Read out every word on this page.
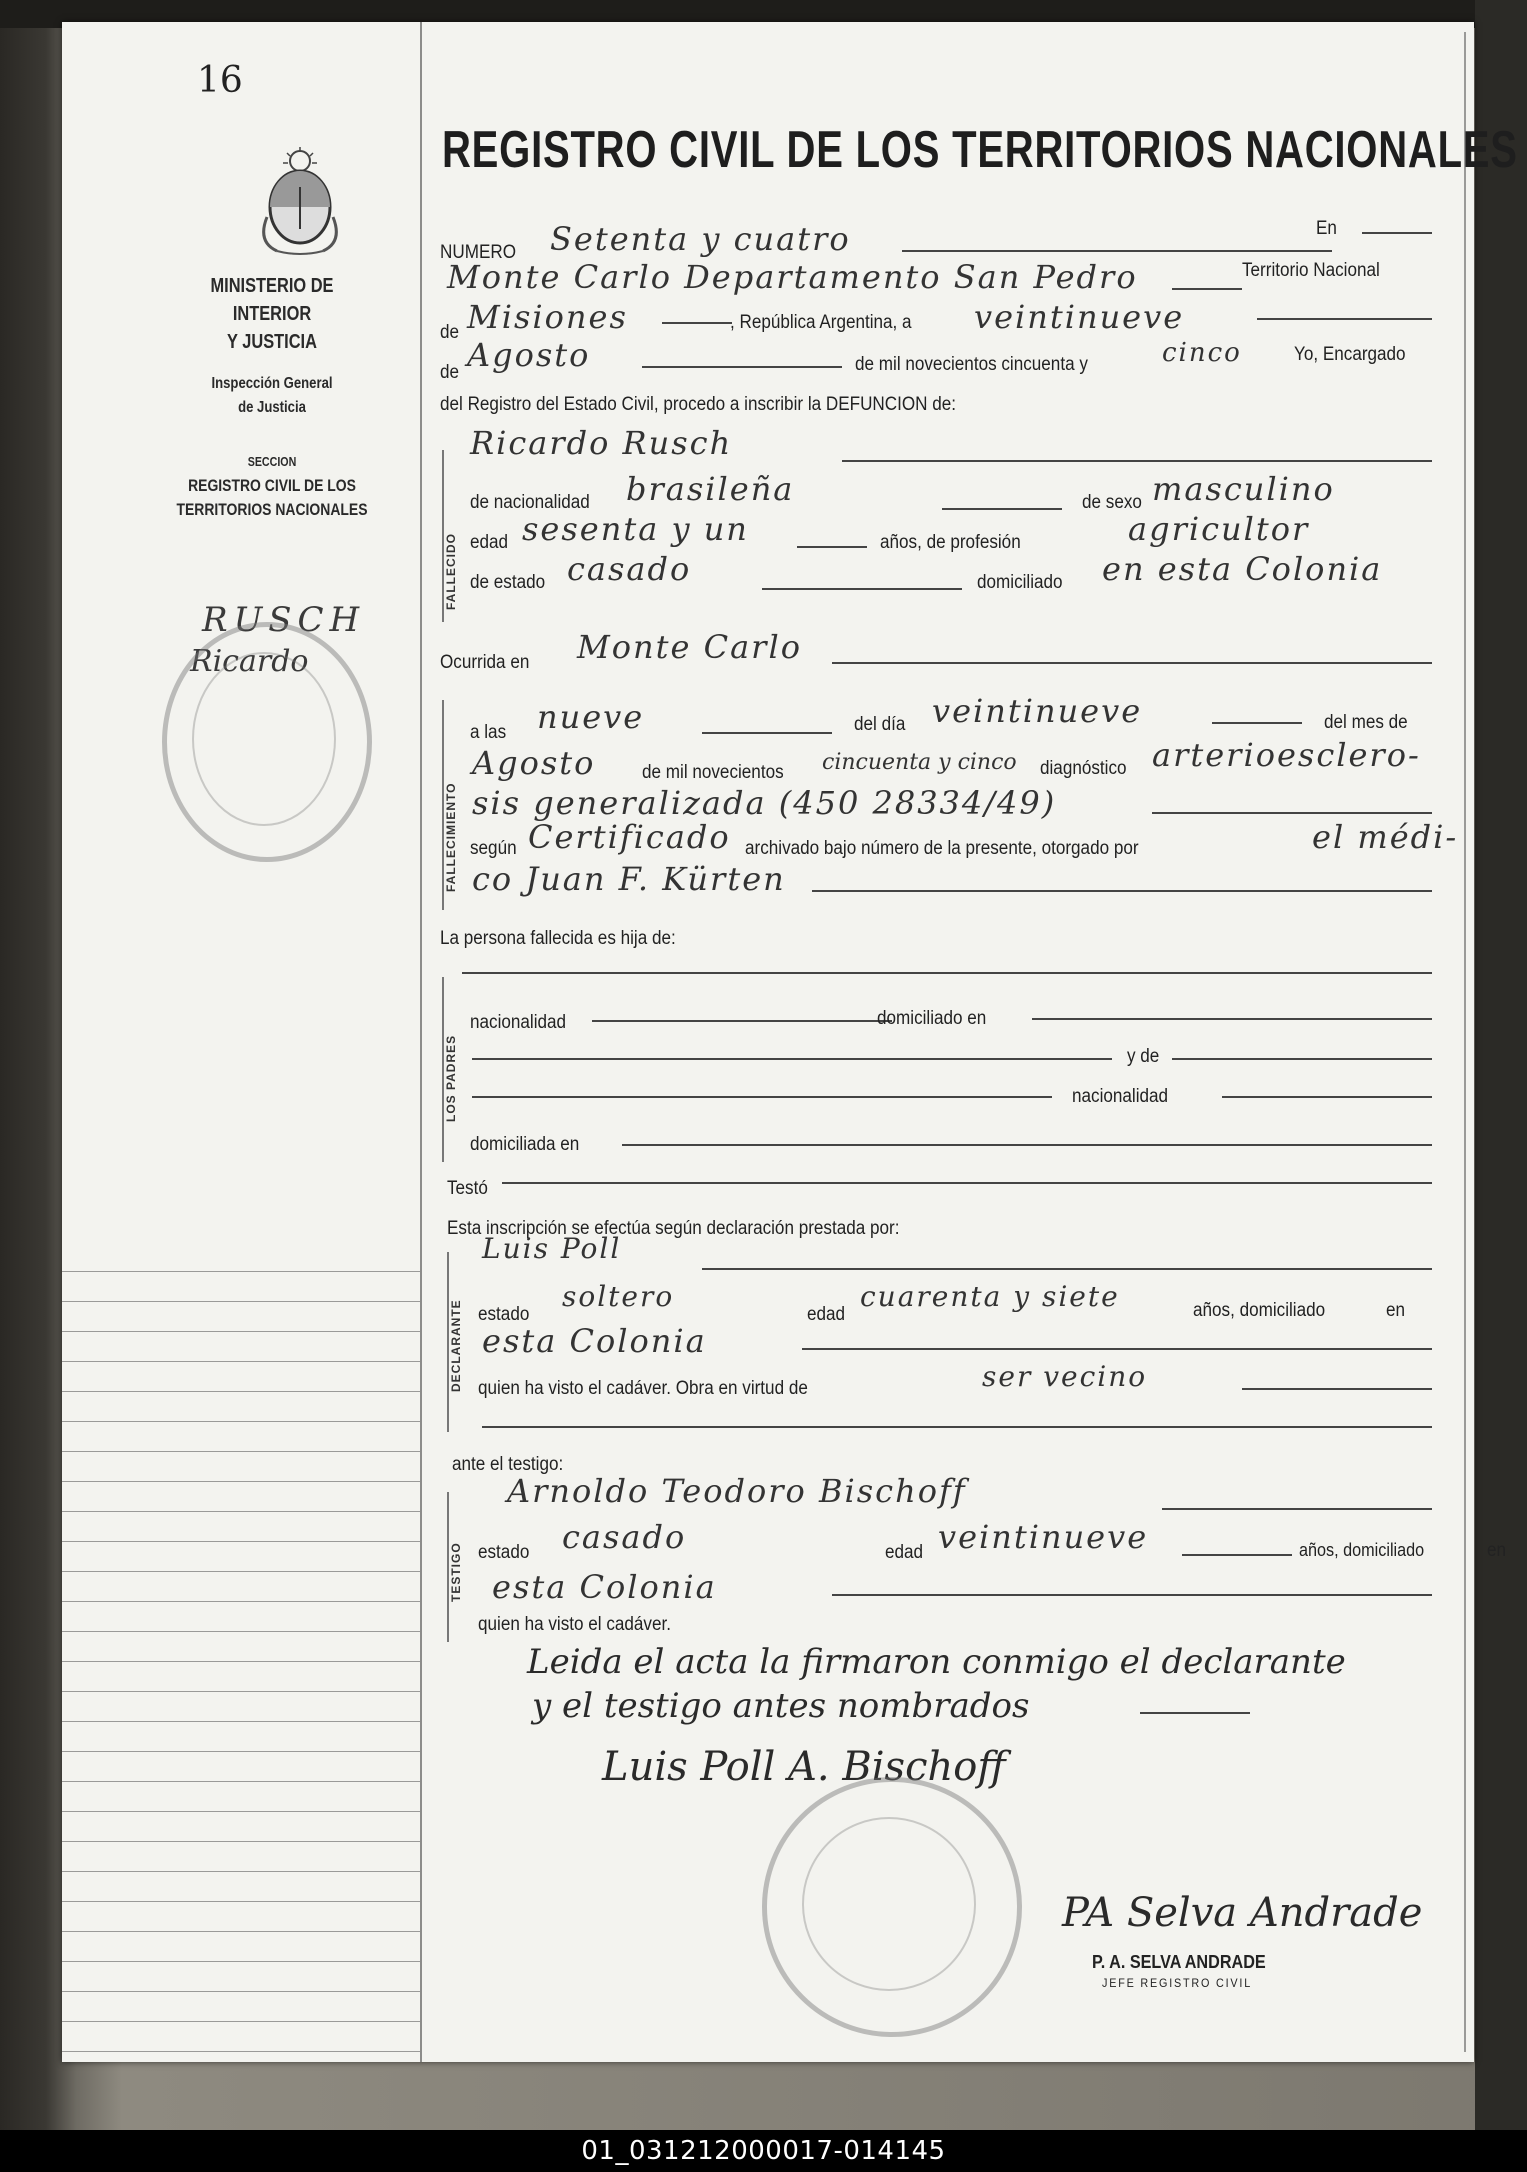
16
MINISTERIO DE INTERIOR
Y JUSTICIA
Inspección General
de Justicia
SECCION
REGISTRO CIVIL DE LOS
TERRITORIOS NACIONALES
RUSCH
Ricardo
REGISTRO CIVIL DE LOS TERRITORIOS NACIONALES
NUMERO Setenta y cuatro	En
Monte Carlo Departamento San Pedro	Territorio Nacional
de Misiones	, República Argentina, a veintinueve
de Agosto	de mil novecientos cincuenta y	cinco	Yo, Encargado
del Registro del Estado Civil, procedo a inscribir la DEFUNCION de:
FALLECIDO
Ricardo Rusch
de nacionalidad brasileña	de sexo masculino
edad sesenta y un	años, de profesión	agricultor
de estado casado	domiciliado en esta Colonia
Ocurrida en Monte Carlo
FALLECIMIENTO
a las nueve	del día veintinueve	del mes de
Agosto de mil novecientos cincuenta y cinco diagnóstico arterioesclero-
sis generalizada (450 28334/49)
según Certificado archivado bajo número de la presente, otorgado por	el médi-
co Juan F. Kürten
La persona fallecida es hija de:
LOS PADRES
nacionalidad	domiciliado en
y de
nacionalidad
domiciliada en
Testó
Esta inscripción se efectúa según declaración prestada por:
DECLARANTE
Luis Poll
estado
soltero
edad
cuarenta y siete	años, domiciliado	en
esta Colonia
quien ha visto el cadáver. Obra en virtud de	ser vecino
ante el testigo:
TESTIGO
Arnoldo Teodoro Bischoff
estado casado	edad veintinueve	años, domiciliado	en
esta Colonia
quien ha visto el cadáver.
Leida el acta la firmaron conmigo el declarante
y el testigo antes nombrados
Luis Poll A. Bischoff
PA Selva Andrade
P. A. SELVA ANDRADE
JEFE REGISTRO CIVIL
01_031212000017-014145
